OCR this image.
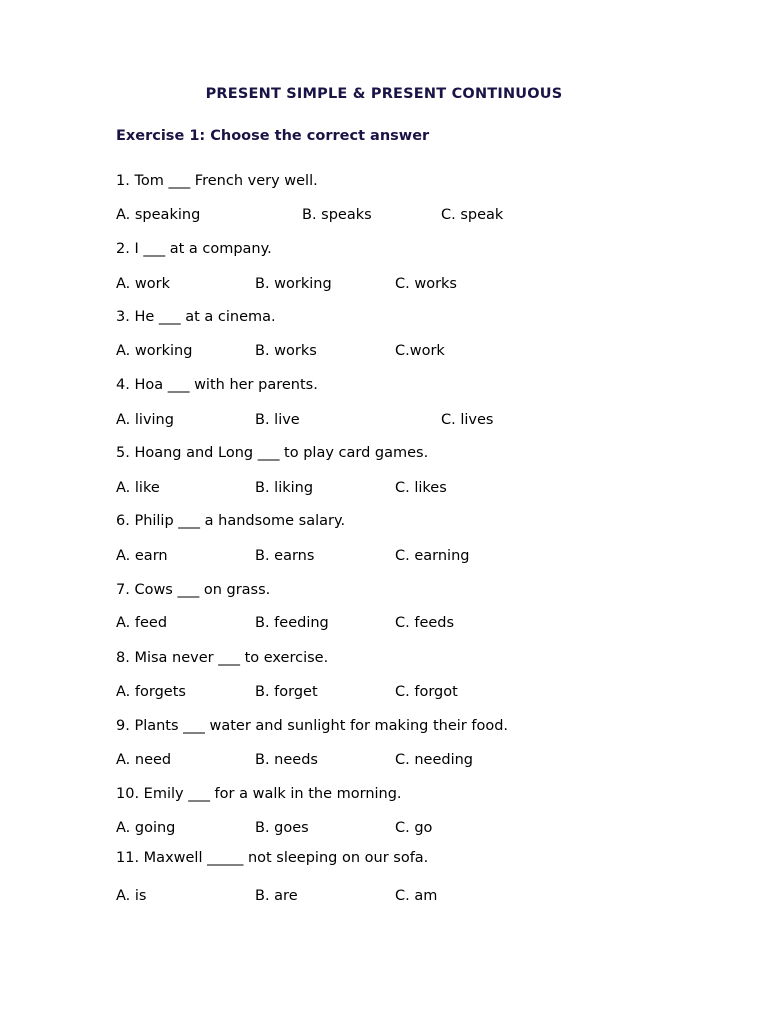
PRESENT SIMPLE & PRESENT CONTINUOUS
Exercise 1: Choose the correct answer
1. Tom ___ French very well.
A. speaking	B. speaks	C. speak
2. I ___ at a company.
A. work	B. working	C. works
3. He ___ at a cinema.
A. working	B. works	C.work
4. Hoa ___ with her parents.
A. living	B. live	C. lives
5. Hoang and Long ___ to play card games.
A. like	B. liking	C. likes
6. Philip ___ a handsome salary.
A. earn	B. earns	C. earning
7. Cows ___ on grass.
A. feed	B. feeding	C. feeds
8. Misa never ___ to exercise.
A. forgets	B. forget	C. forgot
9. Plants ___ water and sunlight for making their food.
A. need	B. needs	C. needing
10. Emily ___ for a walk in the morning.
A. going	B. goes	C. go
11. Maxwell _____ not sleeping on our sofa.
A. is	B. are	C. am
